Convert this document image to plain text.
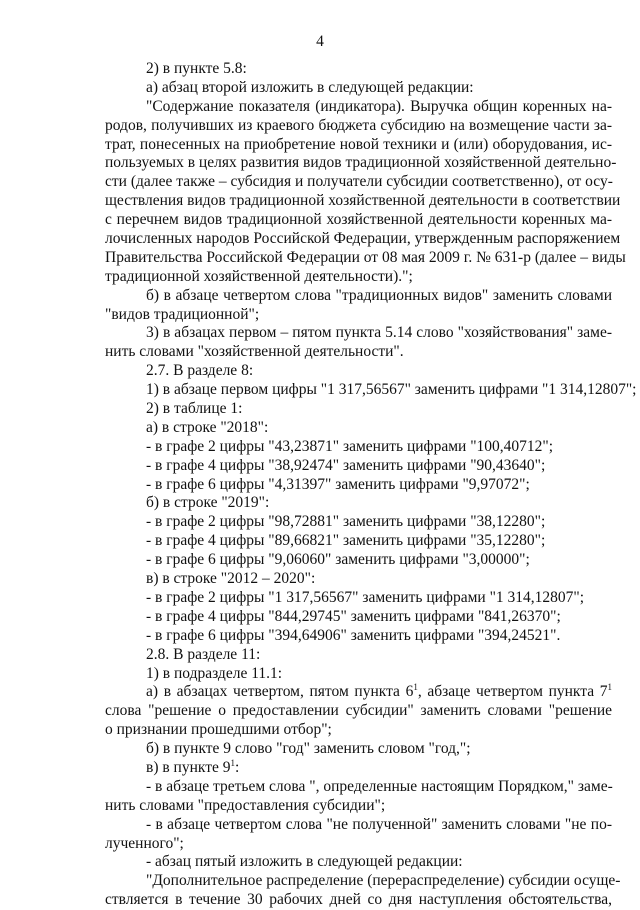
4
2) в пункте 5.8:
а) абзац второй изложить в следующей редакции:
"Содержание показателя (индикатора). Выручка общин коренных на-
родов, получивших из краевого бюджета субсидию на возмещение части за-
трат, понесенных на приобретение новой техники и (или) оборудования, ис-
пользуемых в целях развития видов традиционной хозяйственной деятельно-
сти (далее также – субсидия и получатели субсидии соответственно), от осу-
ществления видов традиционной хозяйственной деятельности в соответствии
с перечнем видов традиционной хозяйственной деятельности коренных ма-
лочисленных народов Российской Федерации, утвержденным распоряжением
Правительства Российской Федерации от 08 мая 2009 г. № 631-р (далее – виды
традиционной хозяйственной деятельности).";
б) в абзаце четвертом слова "традиционных видов" заменить словами
"видов традиционной";
3) в абзацах первом – пятом пункта 5.14 слово "хозяйствования" заме-
нить словами "хозяйственной деятельности".
2.7. В разделе 8:
1) в абзаце первом цифры "1 317,56567" заменить цифрами "1 314,12807";
2) в таблице 1:
а) в строке "2018":
- в графе 2 цифры "43,23871" заменить цифрами "100,40712";
- в графе 4 цифры "38,92474" заменить цифрами "90,43640";
- в графе 6 цифры "4,31397" заменить цифрами "9,97072";
б) в строке "2019":
- в графе 2 цифры "98,72881" заменить цифрами "38,12280";
- в графе 4 цифры "89,66821" заменить цифрами "35,12280";
- в графе 6 цифры "9,06060" заменить цифрами "3,00000";
в) в строке "2012 – 2020":
- в графе 2 цифры "1 317,56567" заменить цифрами "1 314,12807";
- в графе 4 цифры "844,29745" заменить цифрами "841,26370";
- в графе 6 цифры "394,64906" заменить цифрами "394,24521".
2.8. В разделе 11:
1) в подразделе 11.1:
а) в абзацах четвертом, пятом пункта $6^1$, абзаце четвертом пункта $7^1$
слова "решение о предоставлении субсидии" заменить словами "решение
о признании прошедшими отбор";
б) в пункте 9 слово "год" заменить словом "год,";
в) в пункте $9^1$:
- в абзаце третьем слова ", определенные настоящим Порядком," заме-
нить словами "предоставления субсидии";
- в абзаце четвертом слова "не полученной" заменить словами "не по-
лученного";
- абзац пятый изложить в следующей редакции:
"Дополнительное распределение (перераспределение) субсидии осуще-
ствляется в течение 30 рабочих дней со дня наступления обстоятельства,
